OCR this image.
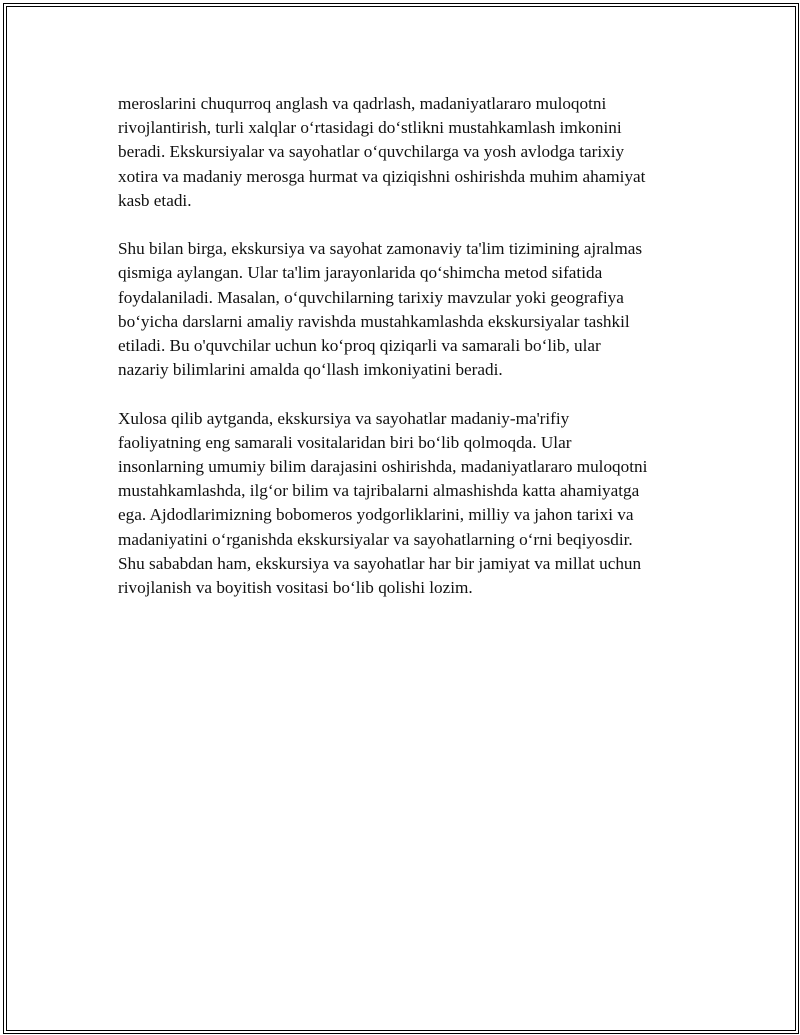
meroslarini chuqurroq anglash va qadrlash, madaniyatlararo muloqotni
rivojlantirish, turli xalqlar oʻrtasidagi doʻstlikni mustahkamlash imkonini
beradi. Ekskursiyalar va sayohatlar oʻquvchilarga va yosh avlodga tarixiy
xotira va madaniy merosga hurmat va qiziqishni oshirishda muhim ahamiyat
kasb etadi.

Shu bilan birga, ekskursiya va sayohat zamonaviy ta'lim tizimining ajralmas
qismiga aylangan. Ular ta'lim jarayonlarida qoʻshimcha metod sifatida
foydalaniladi. Masalan, oʻquvchilarning tarixiy mavzular yoki geografiya
boʻyicha darslarni amaliy ravishda mustahkamlashda ekskursiyalar tashkil
etiladi. Bu o'quvchilar uchun koʻproq qiziqarli va samarali boʻlib, ular
nazariy bilimlarini amalda qoʻllash imkoniyatini beradi.

Xulosa qilib aytganda, ekskursiya va sayohatlar madaniy-ma'rifiy
faoliyatning eng samarali vositalaridan biri boʻlib qolmoqda. Ular
insonlarning umumiy bilim darajasini oshirishda, madaniyatlararo muloqotni
mustahkamlashda, ilgʻor bilim va tajribalarni almashishda katta ahamiyatga
ega. Ajdodlarimizning bobomeros yodgorliklarini, milliy va jahon tarixi va
madaniyatini oʻrganishda ekskursiyalar va sayohatlarning oʻrni beqiyosdir.
Shu sababdan ham, ekskursiya va sayohatlar har bir jamiyat va millat uchun
rivojlanish va boyitish vositasi boʻlib qolishi lozim.
